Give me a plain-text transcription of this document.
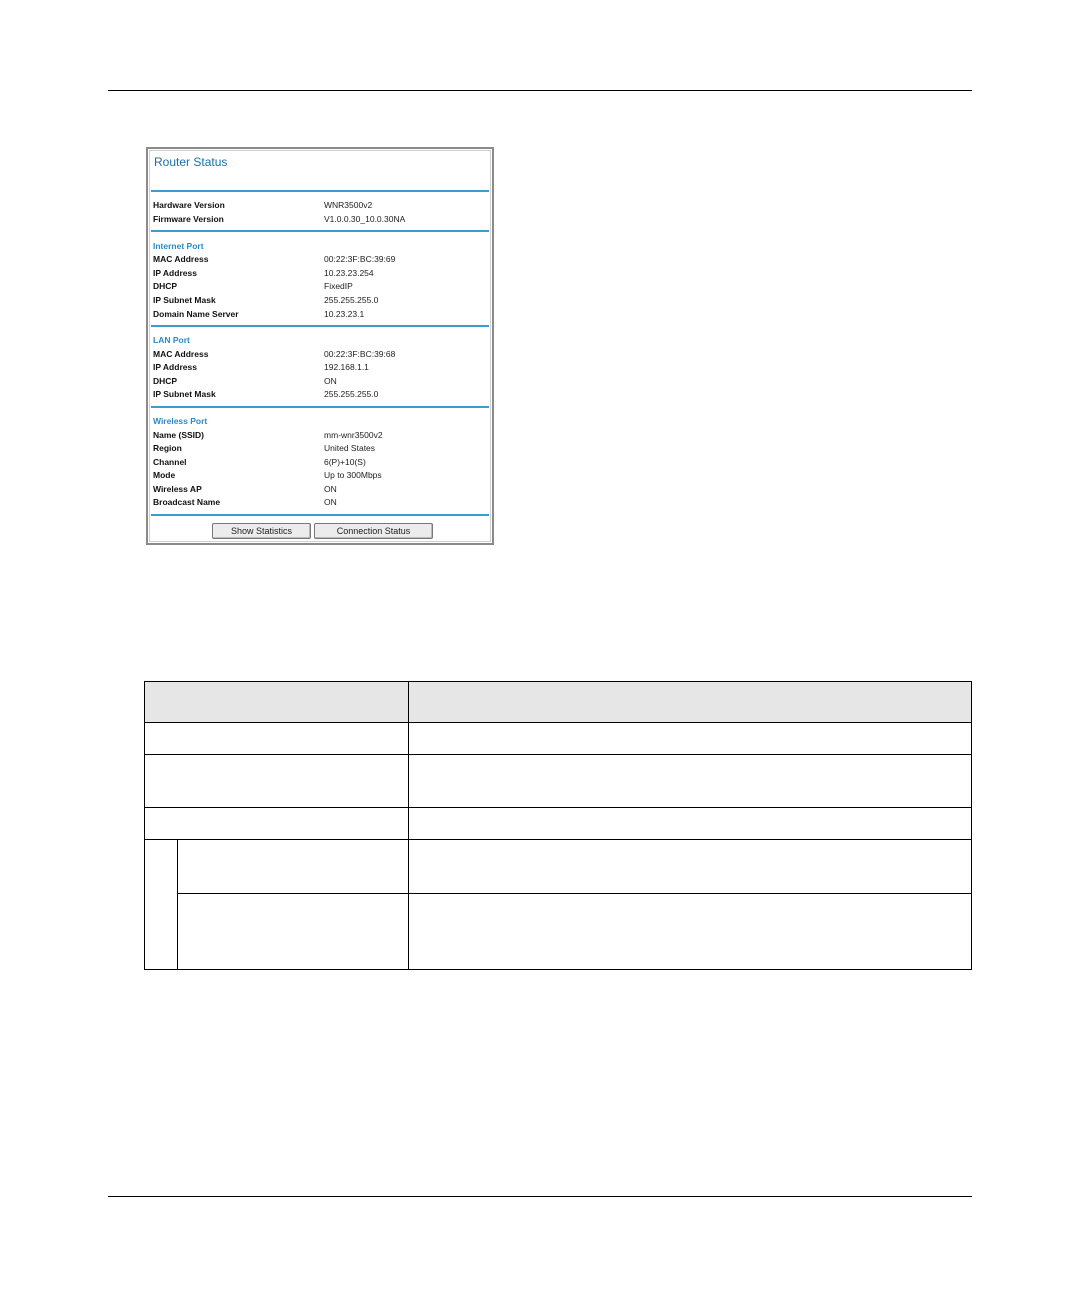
Router Status
Hardware Version	WNR3500v2
Firmware Version	V1.0.0.30_10.0.30NA
Internet Port
MAC Address	00:22:3F:BC:39:69
IP Address	10.23.23.254
DHCP	FixedIP
IP Subnet Mask	255.255.255.0
Domain Name Server	10.23.23.1
LAN Port
MAC Address	00:22:3F:BC:39:68
IP Address	192.168.1.1
DHCP	ON
IP Subnet Mask	255.255.255.0
Wireless Port
Name (SSID)	mm-wnr3500v2
Region	United States
Channel	6(P)+10(S)
Mode	Up to 300Mbps
Wireless AP	ON
Broadcast Name	ON
Show Statistics	Connection Status
